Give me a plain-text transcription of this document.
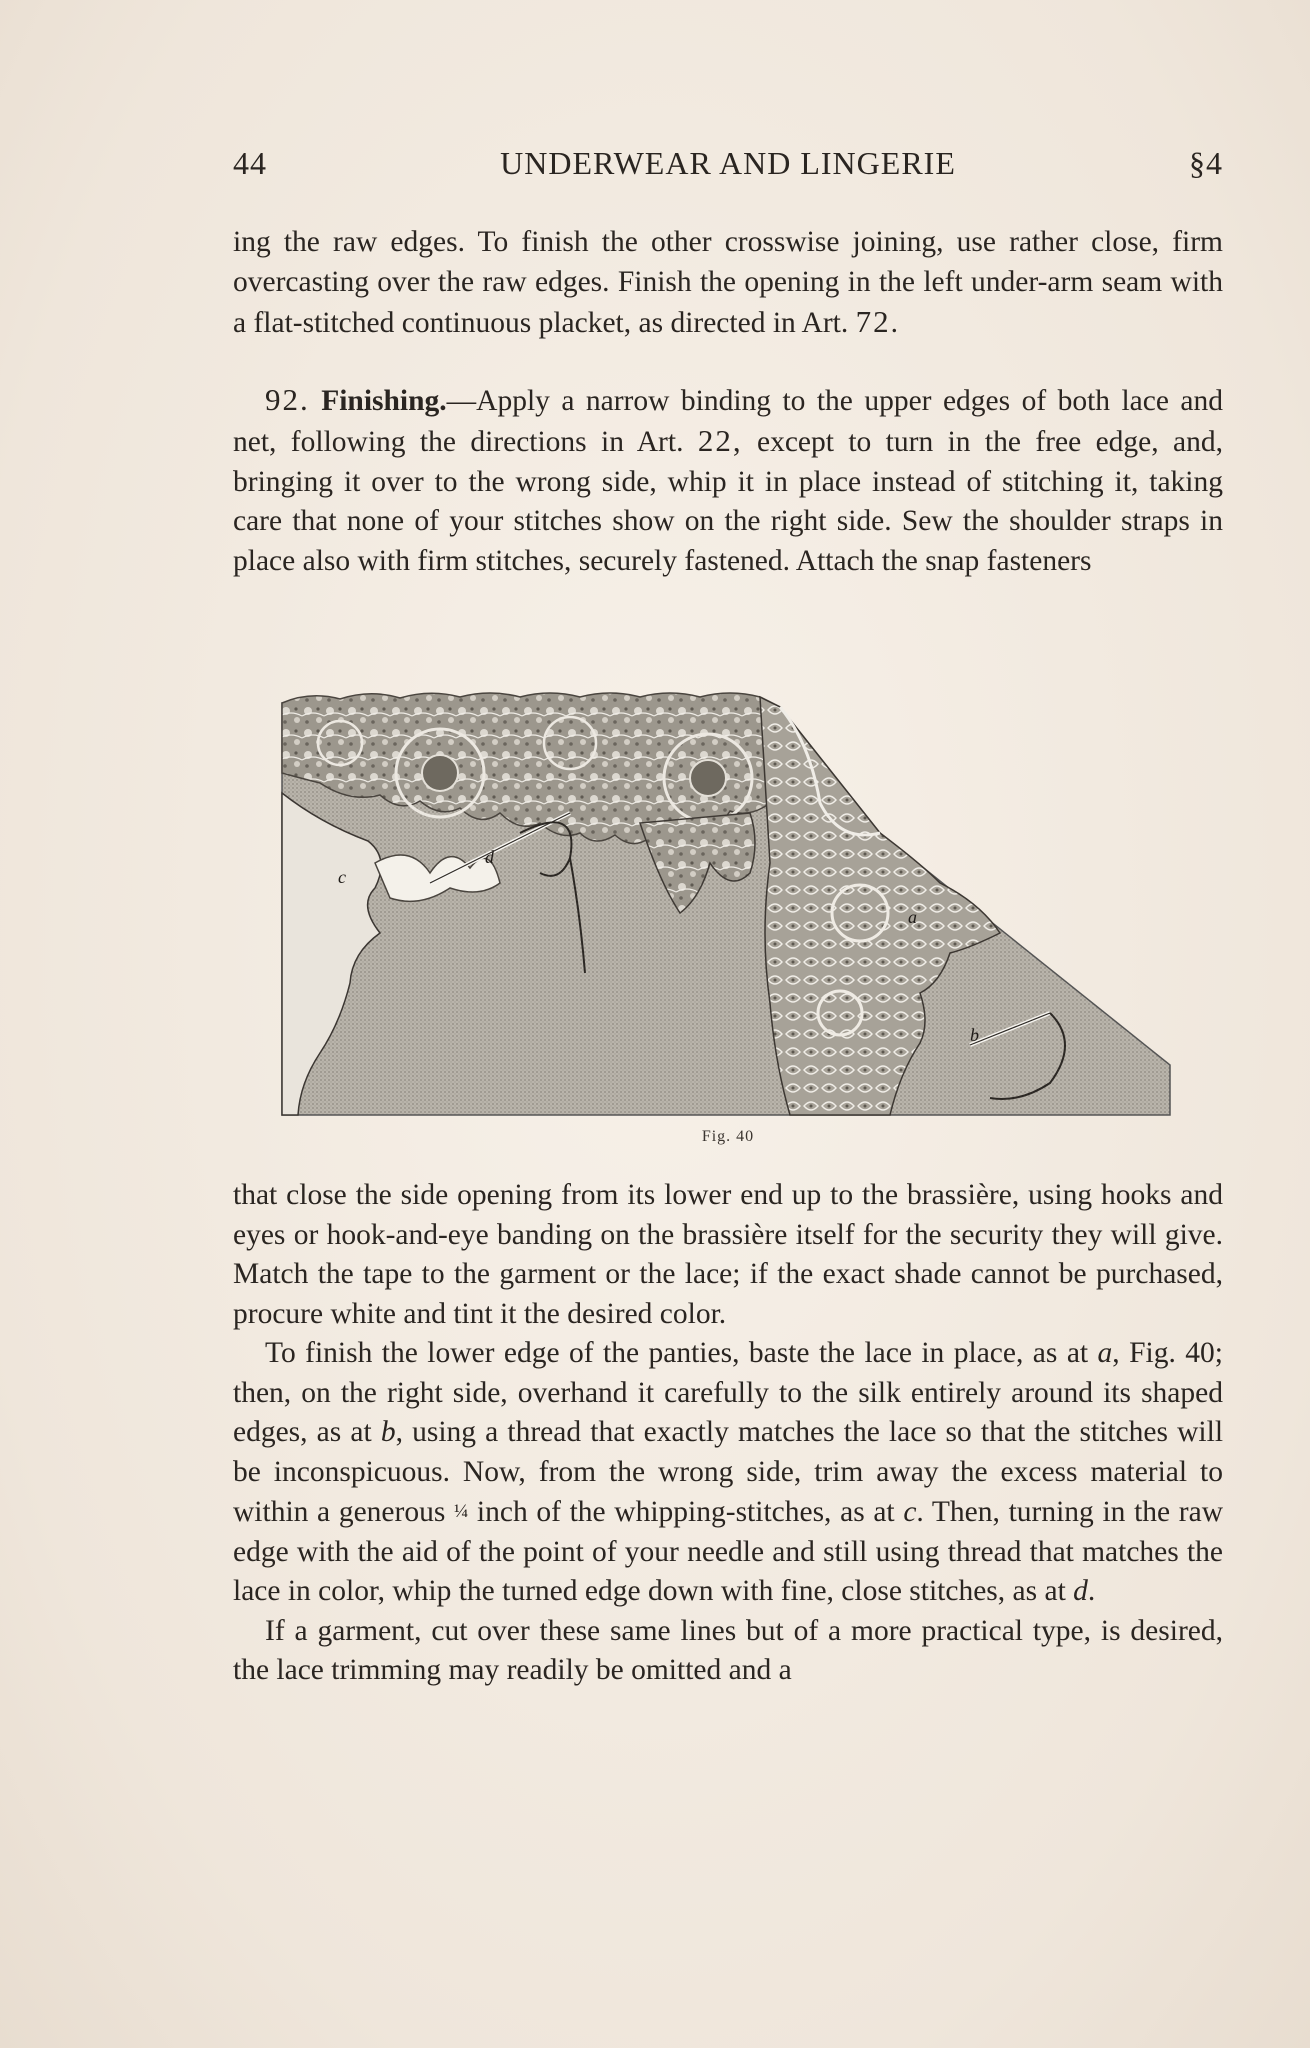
44	UNDERWEAR AND LINGERIE	§4

ing the raw edges. To finish the other crosswise joining, use rather close, firm overcasting over the raw edges. Finish the opening in the left under-arm seam with a flat-stitched continuous placket, as directed in Art. 72.

92. Finishing.—Apply a narrow binding to the upper edges of both lace and net, following the directions in Art. 22, except to turn in the free edge, and, bringing it over to the wrong side, whip it in place instead of stitching it, taking care that none of your stitches show on the right side. Sew the shoulder straps in place also with firm stitches, securely fastened. Attach the snap fasteners

c
d
a
b
Fig. 40

that close the side opening from its lower end up to the brassière, using hooks and eyes or hook-and-eye banding on the brassière itself for the security they will give. Match the tape to the garment or the lace; if the exact shade cannot be purchased, procure white and tint it the desired color.

To finish the lower edge of the panties, baste the lace in place, as at a, Fig. 40; then, on the right side, overhand it carefully to the silk entirely around its shaped edges, as at b, using a thread that exactly matches the lace so that the stitches will be inconspicuous. Now, from the wrong side, trim away the excess material to within a generous ¼ inch of the whipping-stitches, as at c. Then, turning in the raw edge with the aid of the point of your needle and still using thread that matches the lace in color, whip the turned edge down with fine, close stitches, as at d.

If a garment, cut over these same lines but of a more practical type, is desired, the lace trimming may readily be omitted and a
